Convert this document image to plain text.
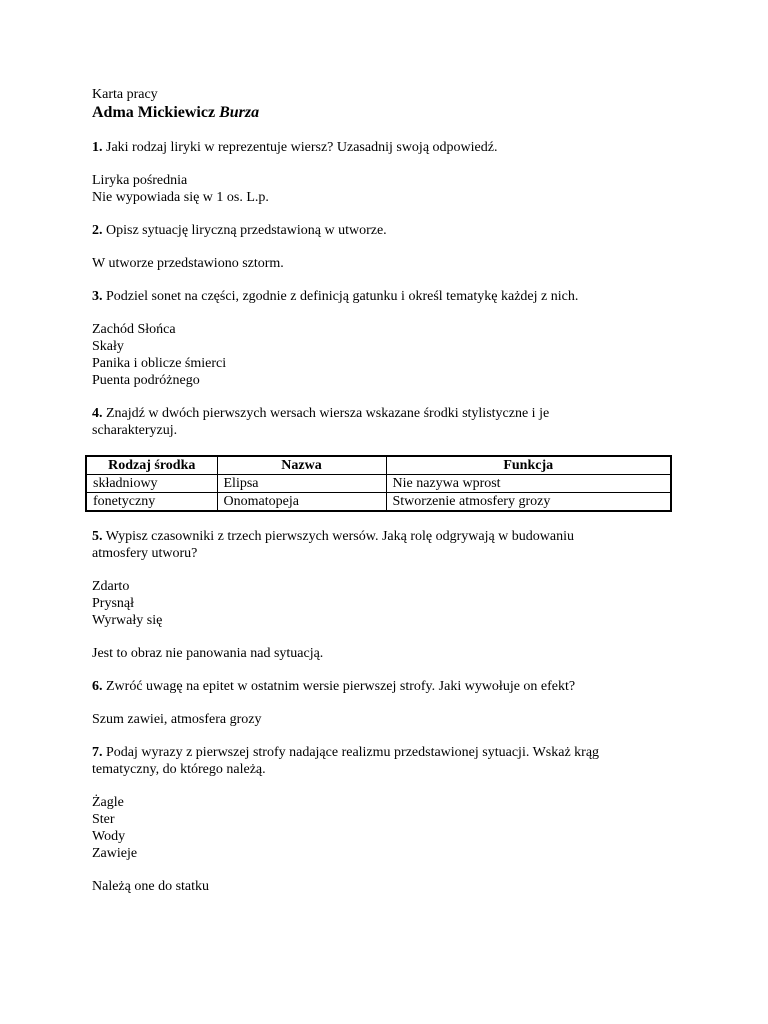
Karta pracy

Adma Mickiewicz Burza
1. Jaki rodzaj liryki w reprezentuje wiersz? Uzasadnij swoją odpowiedź.
Liryka pośrednia
Nie wypowiada się w 1 os. L.p.
2. Opisz sytuację liryczną przedstawioną w utworze.
W utworze przedstawiono sztorm.
3. Podziel sonet na części, zgodnie z definicją gatunku i określ tematykę każdej z nich.
Zachód Słońca
Skały
Panika i oblicze śmierci
Puenta podróżnego
4. Znajdź w dwóch pierwszych wersach wiersza wskazane środki stylistyczne i je
scharakteryzuj.
Rodzaj środka	Nazwa	Funkcja
składniowy	Elipsa	Nie nazywa wprost
fonetyczny	Onomatopeja	Stworzenie atmosfery grozy
5. Wypisz czasowniki z trzech pierwszych wersów. Jaką rolę odgrywają w budowaniu
atmosfery utworu?
Zdarto
Prysnął
Wyrwały się
Jest to obraz nie panowania nad sytuacją.
6. Zwróć uwagę na epitet w ostatnim wersie pierwszej strofy. Jaki wywołuje on efekt?
Szum zawiei, atmosfera grozy
7. Podaj wyrazy z pierwszej strofy nadające realizmu przedstawionej sytuacji. Wskaż krąg
tematyczny, do którego należą.
Żagle
Ster
Wody
Zawieje
Należą one do statku
